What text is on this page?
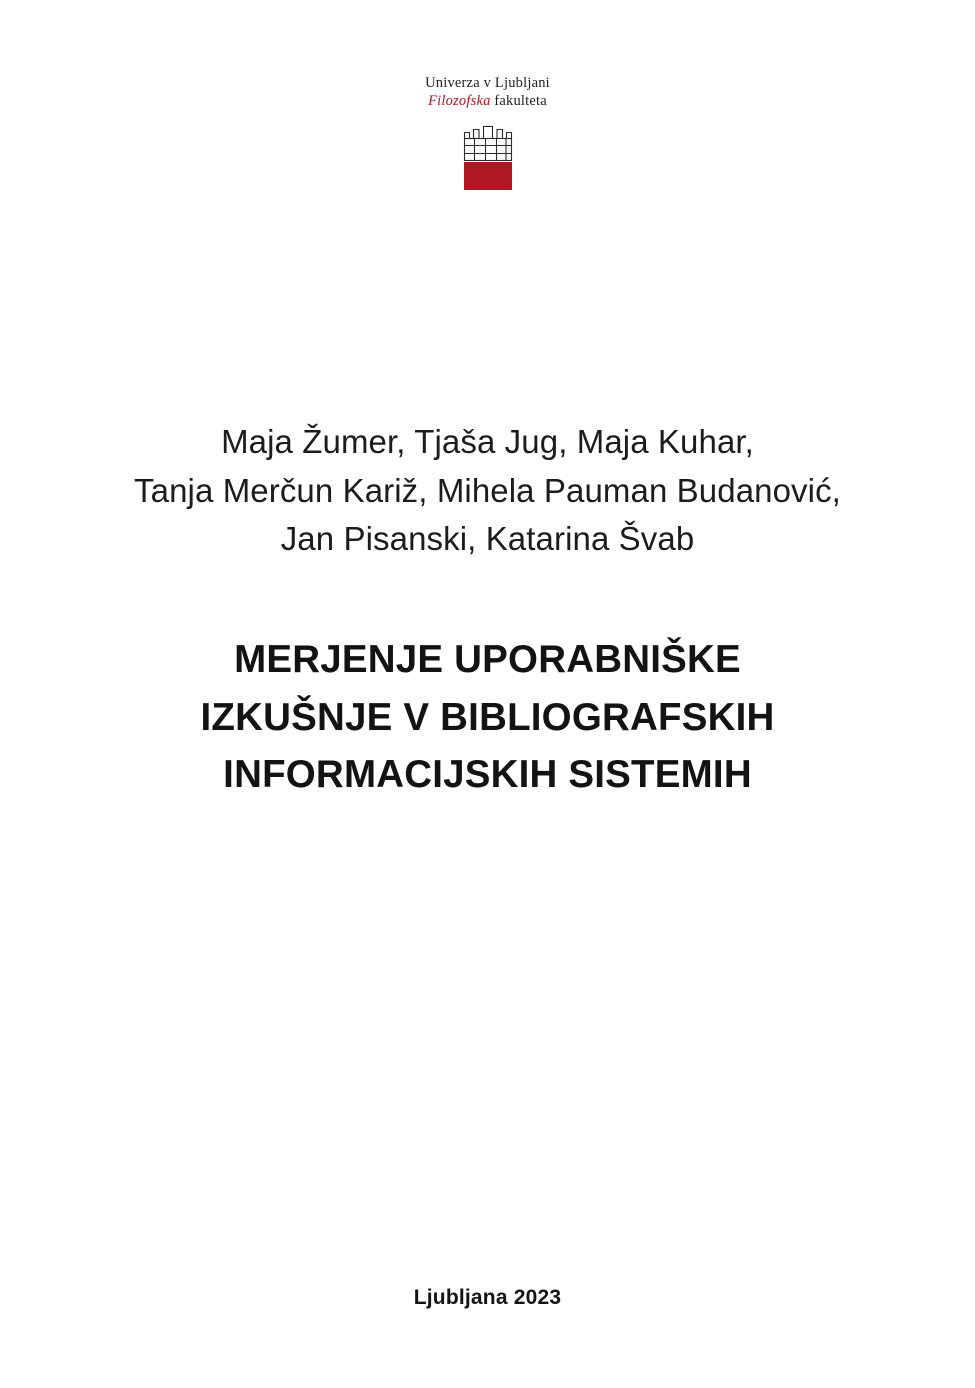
Univerza v Ljubljani
Filozofska fakulteta
Maja Žumer, Tjaša Jug, Maja Kuhar,
Tanja Merčun Kariž, Mihela Pauman Budanović,
Jan Pisanski, Katarina Švab
MERJENJE UPORABNIŠKE
IZKUŠNJE V BIBLIOGRAFSKIH
INFORMACIJSKIH SISTEMIH
Ljubljana 2023
